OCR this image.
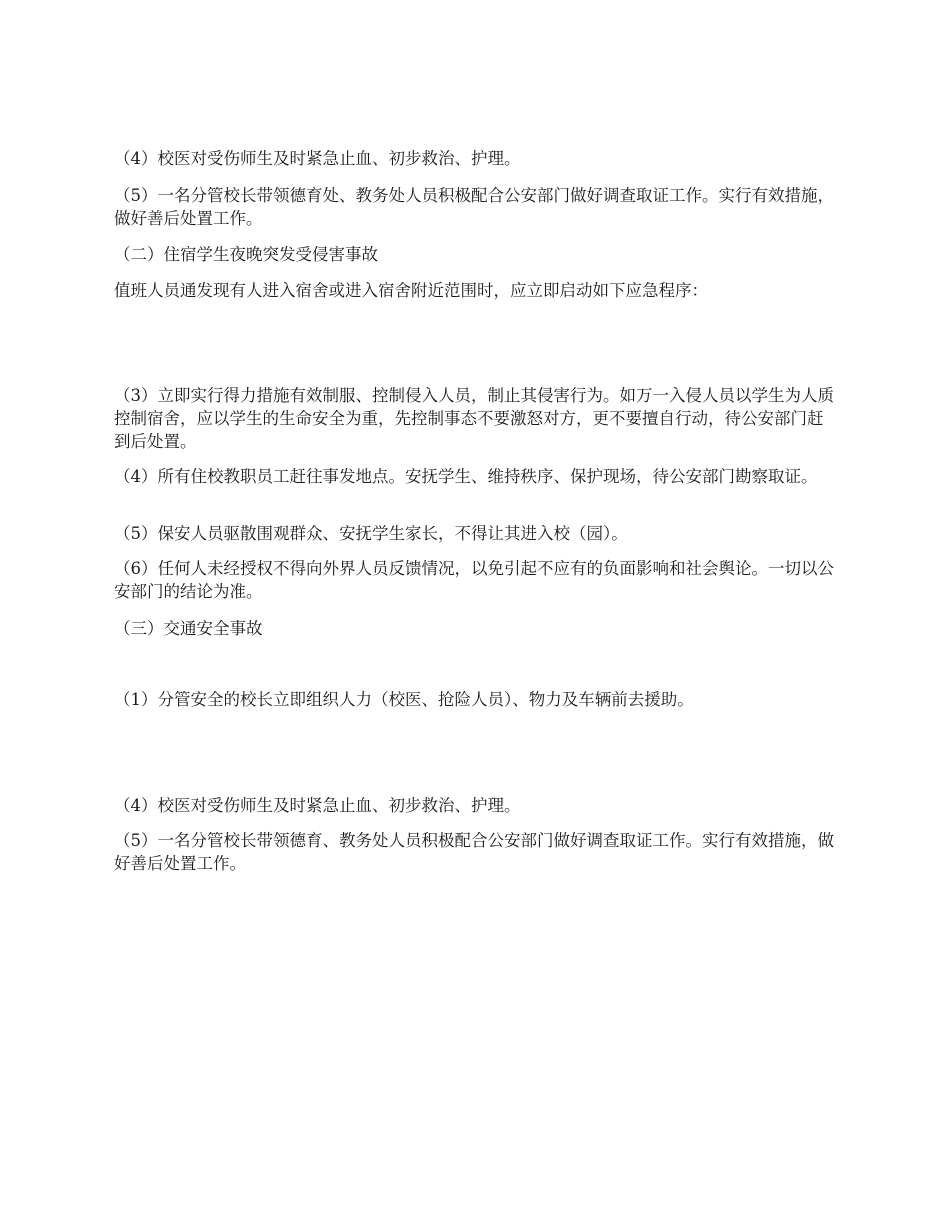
（4）校医对受伤师生及时紧急止血、初步救治、护理。

（5）一名分管校长带领德育处、教务处人员积极配合公安部门做好调查取证工作。实行有效措施，做好善后处置工作。

（二）住宿学生夜晚突发受侵害事故

值班人员通发现有人进入宿舍或进入宿舍附近范围时，应立即启动如下应急程序：

（3）立即实行得力措施有效制服、控制侵入人员，制止其侵害行为。如万一入侵人员以学生为人质控制宿舍，应以学生的生命安全为重，先控制事态不要激怒对方，更不要擅自行动，待公安部门赶到后处置。

（4）所有住校教职员工赶往事发地点。安抚学生、维持秩序、保护现场，待公安部门勘察取证。

（5）保安人员驱散围观群众、安抚学生家长，不得让其进入校（园）。

（6）任何人未经授权不得向外界人员反馈情况，以免引起不应有的负面影响和社会舆论。一切以公安部门的结论为准。

（三）交通安全事故

（1）分管安全的校长立即组织人力（校医、抢险人员）、物力及车辆前去援助。

（4）校医对受伤师生及时紧急止血、初步救治、护理。

（5）一名分管校长带领德育、教务处人员积极配合公安部门做好调查取证工作。实行有效措施，做好善后处置工作。
